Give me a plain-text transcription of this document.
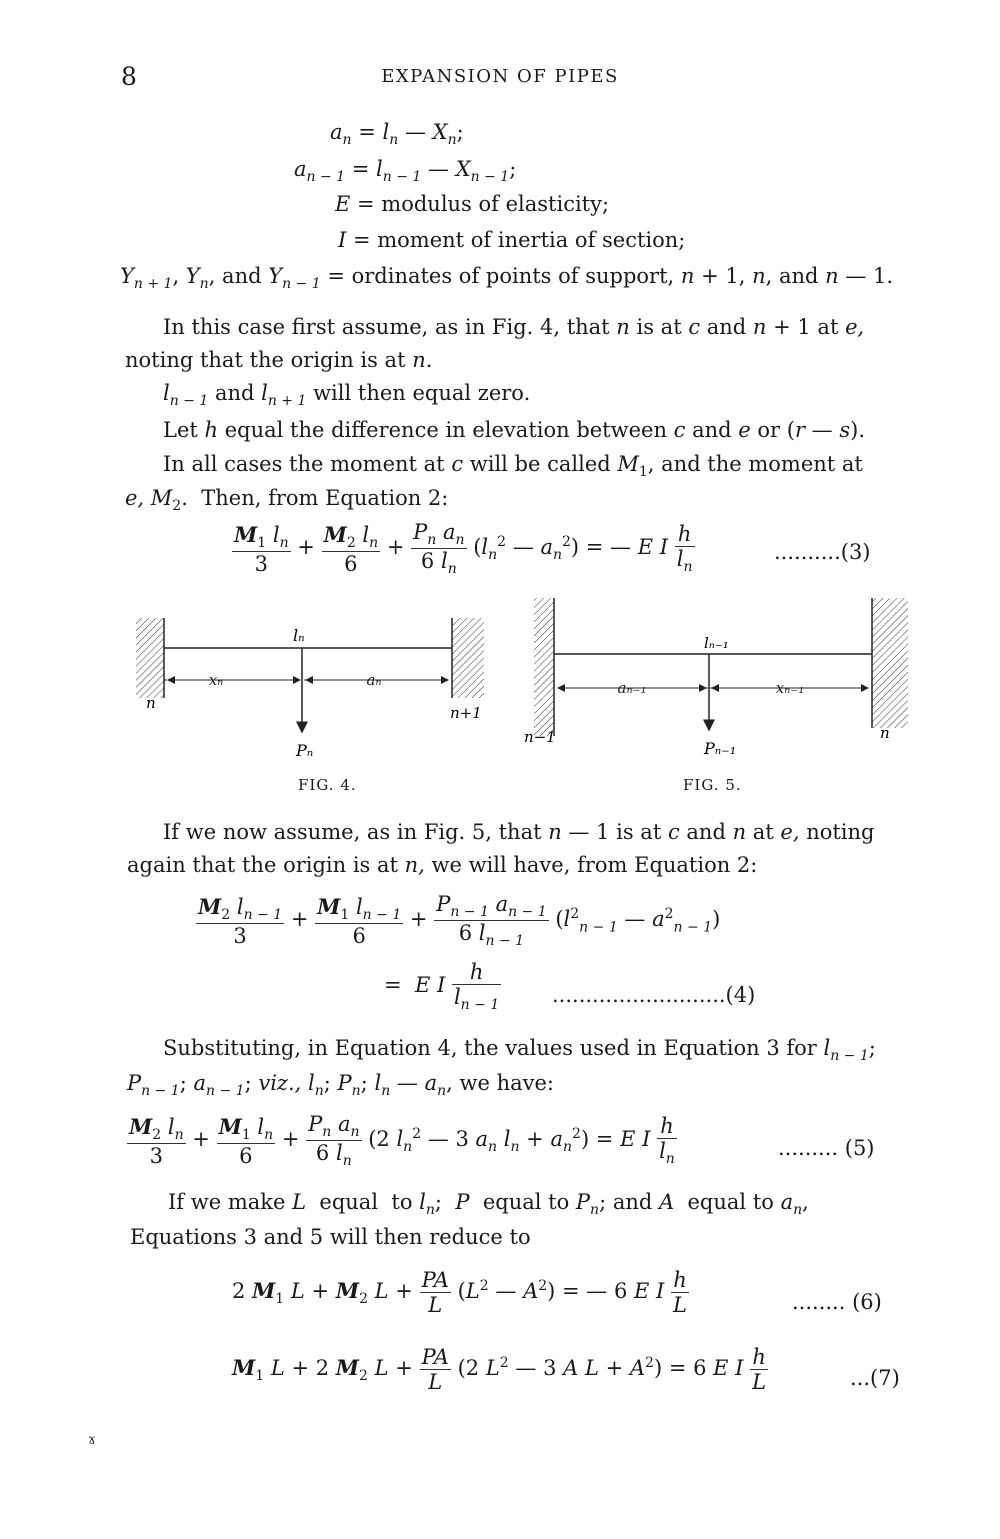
8	EXPANSION OF PIPES
$a_n = l_n$ — $X_n$;
$a_{n - 1} = l_{n - 1}$ — $X_{n - 1}$;
E = modulus of elasticity;
I = moment of inertia of section;
$Y_{n + 1}$, $Y_n$, and $Y_{n - 1}$ = ordinates of points of support, n + 1, n, and n — 1.
In this case first assume, as in Fig. 4, that n is at c and n + 1 at e,
noting that the origin is at n.
$l_{n - 1}$ and $l_{n + 1}$ will then equal zero.
Let h equal the difference in elevation between c and e or (r — s).
In all cases the moment at c will be called $M_1$, and the moment at
e, $M_2$.  Then, from Equation 2:
$\frac{M_1 l_n}{3} + \frac{M_2 l_n}{6} + \frac{P_n a_n}{6 l_n} (l_n^2$ — $a_n^2$) = — E I $\frac{h}{l_n}$	..........(3)
lₙ
xₙ	aₙ
n
n+1
Pₙ
lₙ₋₁
aₙ₋₁	xₙ₋₁
n−1	n
Pₙ₋₁
FIG. 4.	FIG. 5.
If we now assume, as in Fig. 5, that n — 1 is at c and n at e, noting
again that the origin is at n, we will have, from Equation 2:
$\frac{M_2 l_{n - 1}}{3} + \frac{M_1 l_{n - 1}}{6} + \frac{P_{n - 1} a_{n - 1}}{6 l_{n - 1}} (l^2_{n - 1}$ — $a^2_{n - 1}$)
=  E I $\frac{h}{l_{n - 1}} ..........................(4)$
Substituting, in Equation 4, the values used in Equation 3 for $l_{n - 1}$;
$P_{n - 1}$; $a_{n - 1}$; viz., $l_n$; $P_n$; $l_n$ — $a_n$, we have:
$\frac{M_2 l_n}{3} + \frac{M_1 l_n}{6} + \frac{P_n a_n}{6 l_n} (2$ $l_n^2$ — 3 $a_n$ $l_n + a_n^2) = E$ I $\frac{h}{l_n}$	......... (5)
If we make L  equal  to $l_n$;  P  equal to $P_n$; and A  equal to $a_n$,
Equations 3 and 5 will then reduce to
2 $M_1$ $L + M_2$ $L + \frac{PA}{L} (L^2$ — $A^2$) = — 6 E I $\frac{h}{L}$	........ (6)
$M_1$ L + 2 $M_2$ $L + \frac{PA}{L} (2$ $L^2$ — 3 A $L + A^2) = 6$ E I $\frac{h}{L}$	...(7)
ɤ
